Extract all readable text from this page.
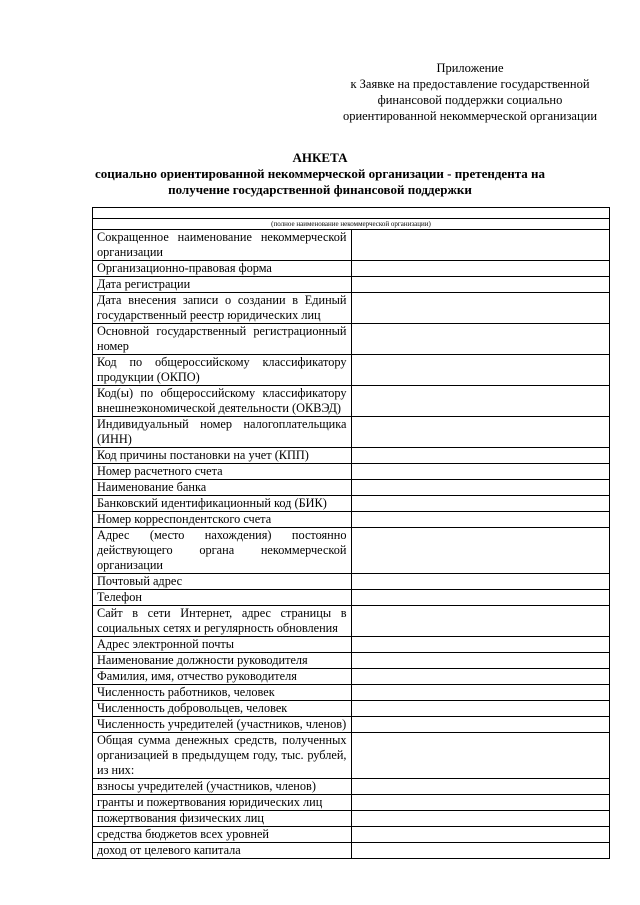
Приложение
к Заявке на предоставление государственной
финансовой поддержки социально
ориентированной некоммерческой организации
АНКЕТА
социально ориентированной некоммерческой организации - претендента на
получение государственной финансовой поддержки

(полное наименование некоммерческой организации)	
Сокращенное наименование некоммерческой организации	
Организационно-правовая форма	
Дата регистрации	
Дата внесения записи о создании в Единый государственный реестр юридических лиц	
Основной государственный регистрационный номер	
Код по общероссийскому классификатору продукции (ОКПО)	
Код(ы) по общероссийскому классификатору внешнеэкономической деятельности (ОКВЭД)	
Индивидуальный номер налогоплательщика (ИНН)	
Код причины постановки на учет (КПП)	
Номер расчетного счета	
Наименование банка	
Банковский идентификационный код (БИК)	
Номер корреспондентского счета	
Адрес (место нахождения) постоянно действующего органа некоммерческой организации	
Почтовый адрес	
Телефон	
Сайт в сети Интернет, адрес страницы в социальных сетях и регулярность обновления	
Адрес электронной почты	
Наименование должности руководителя	
Фамилия, имя, отчество руководителя	
Численность работников, человек	
Численность добровольцев, человек	
Численность учредителей (участников, членов)	
Общая сумма денежных средств, полученных организацией в предыдущем году, тыс. рублей, из них:	
взносы учредителей (участников, членов)	
гранты и пожертвования юридических лиц	
пожертвования физических лиц	
средства бюджетов всех уровней	
доход от целевого капитала	
